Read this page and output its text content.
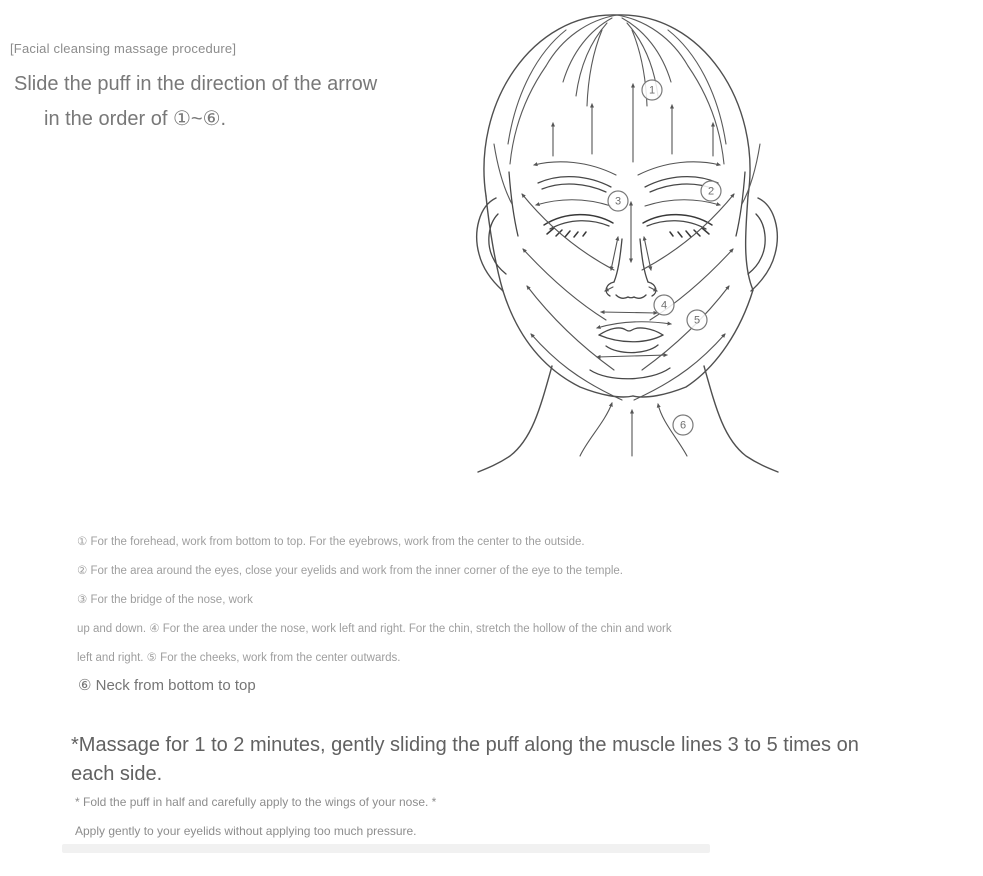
[Facial cleansing massage procedure]
Slide the puff in the direction of the arrow
in the order of ①~⑥.
1
2
3
4
5
6
① For the forehead, work from bottom to top. For the eyebrows, work from the center to the outside.
② For the area around the eyes, close your eyelids and work from the inner corner of the eye to the temple.
③ For the bridge of the nose, work
up and down. ④ For the area under the nose, work left and right. For the chin, stretch the hollow of the chin and work
left and right. ⑤ For the cheeks, work from the center outwards.
⑥ Neck from bottom to top
*Massage for 1 to 2 minutes, gently sliding the puff along the muscle lines 3 to 5 times on each side.
* Fold the puff in half and carefully apply to the wings of your nose. *
Apply gently to your eyelids without applying too much pressure.
